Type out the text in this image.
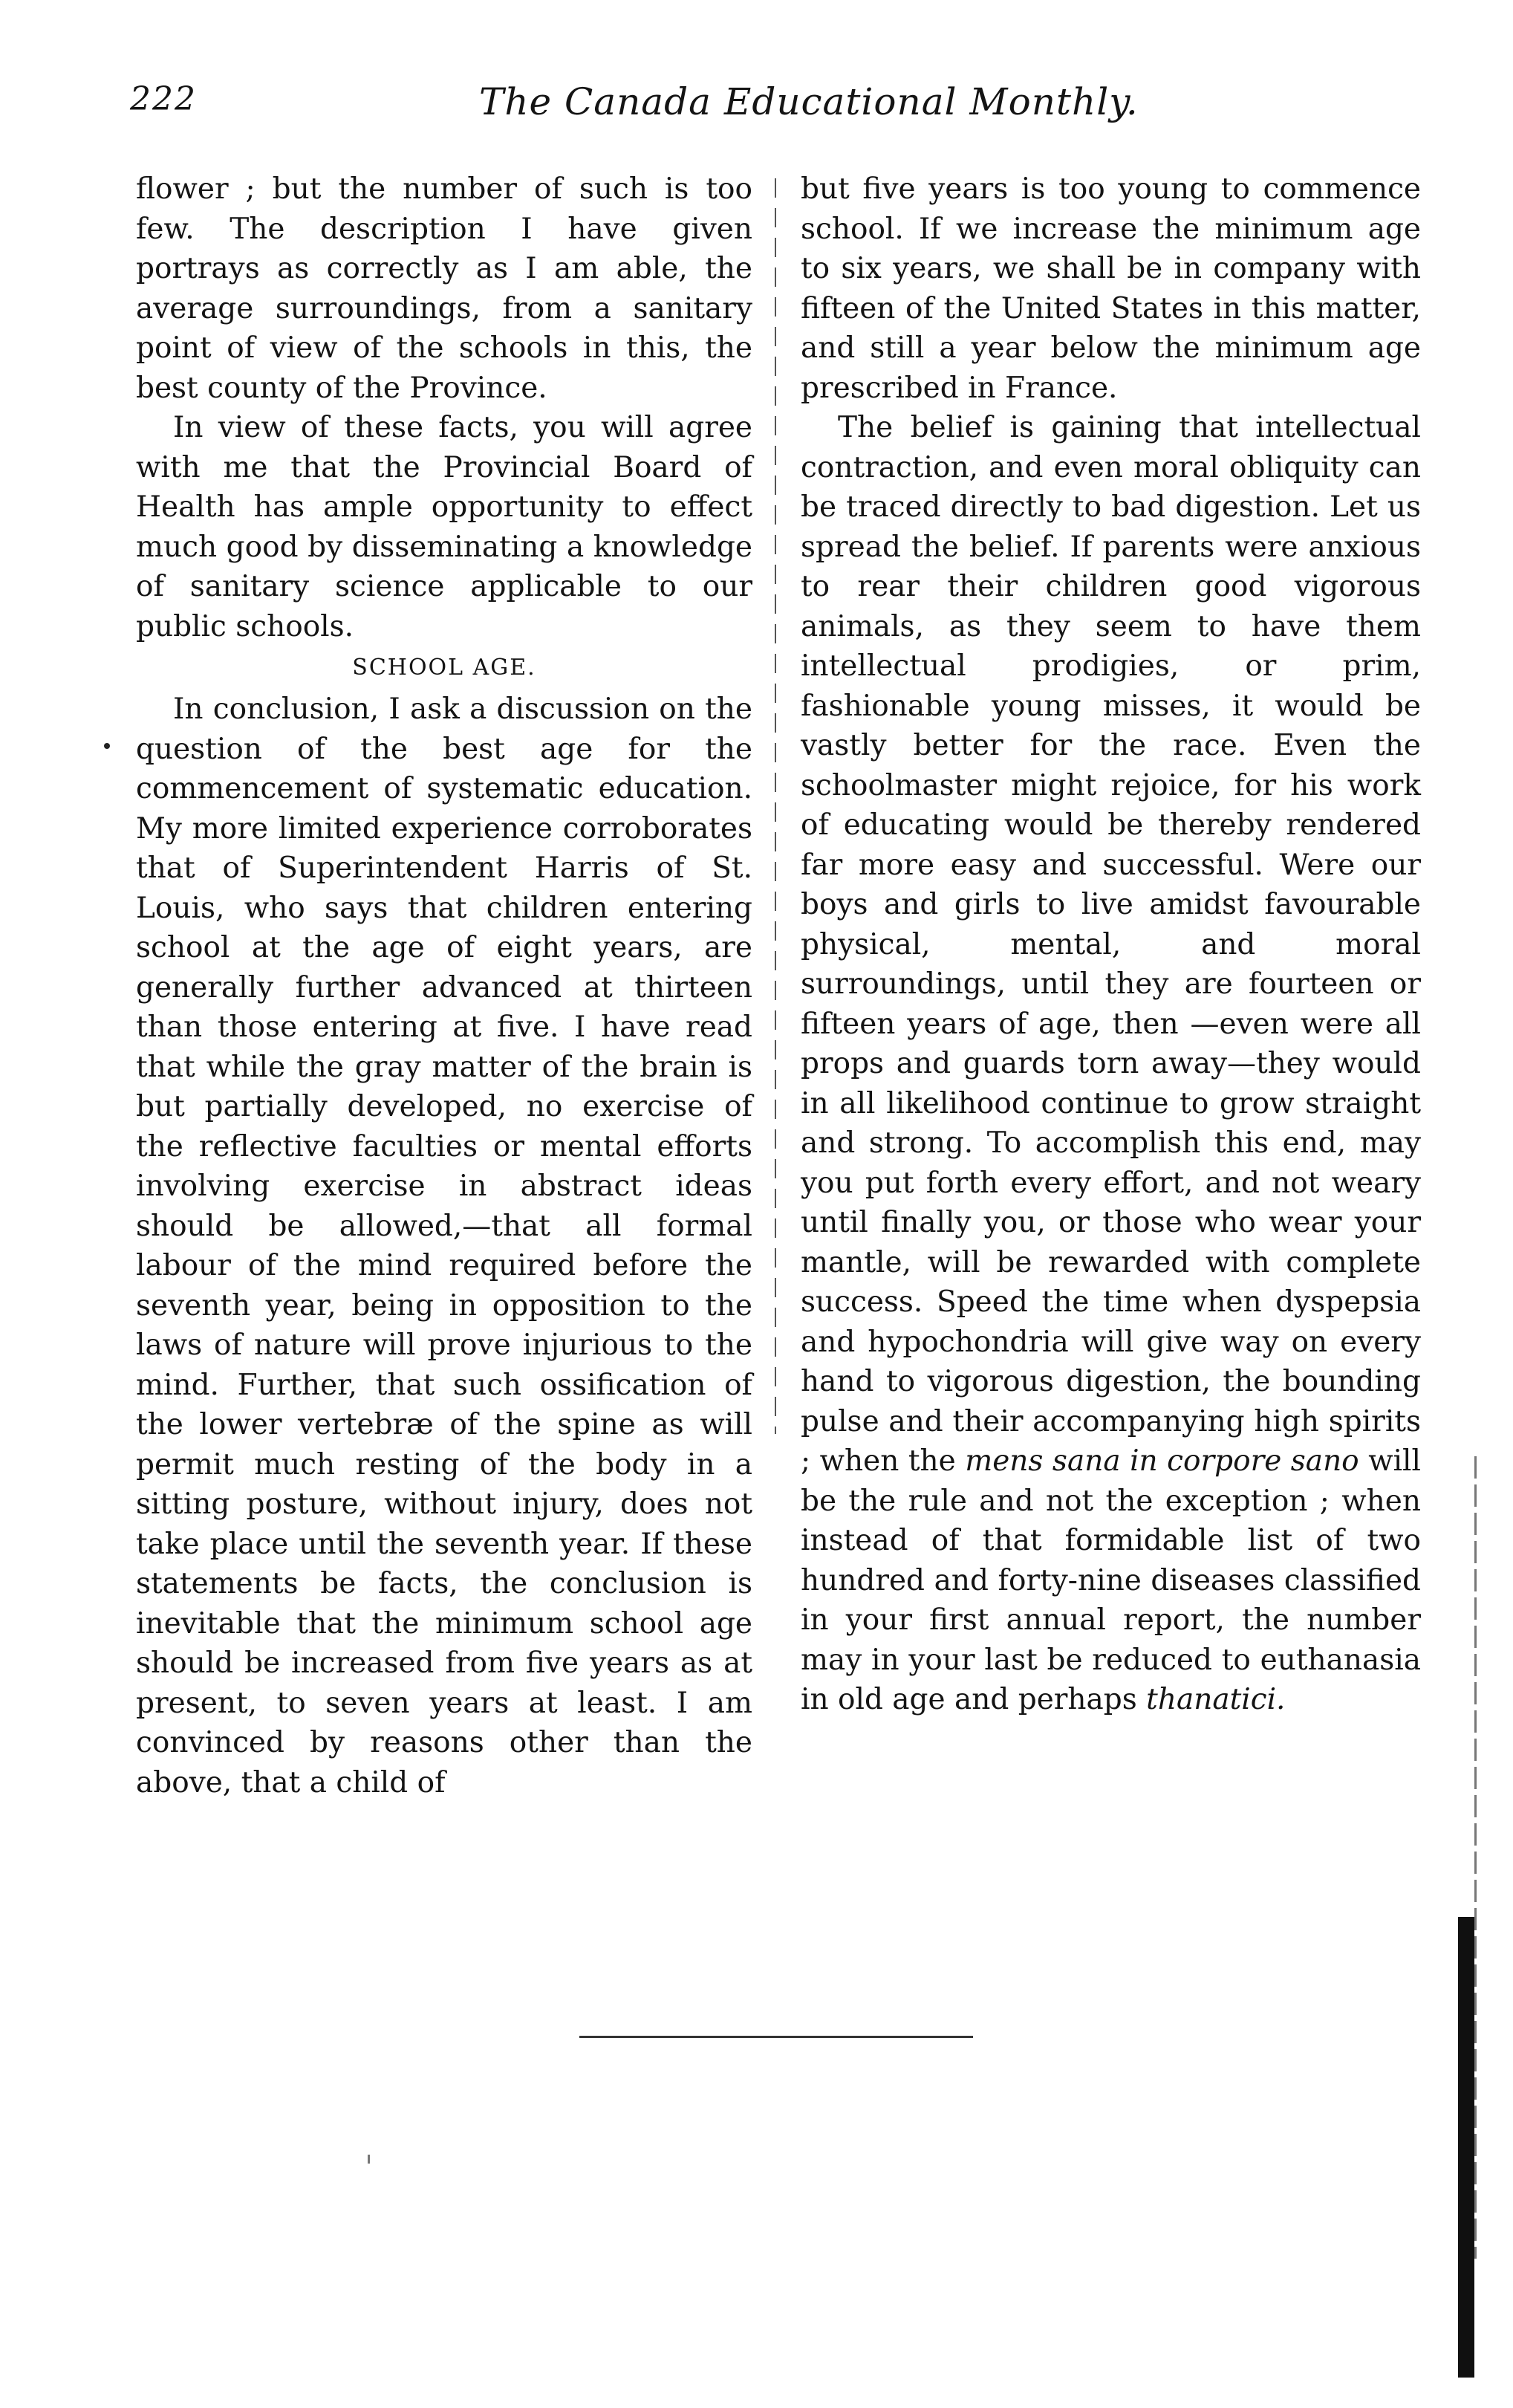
222	The Canada Educational Monthly.

flower ; but the number of such is too few. The description I have given portrays as correctly as I am able, the average surroundings, from a sanitary point of view of the schools in this, the best county of the Province.

In view of these facts, you will agree with me that the Provincial Board of Health has ample opportunity to effect much good by disseminating a knowledge of sanitary science applicable to our public schools.

SCHOOL AGE.

In conclusion, I ask a discussion on the question of the best age for the commencement of systematic education. My more limited experience corroborates that of Superintendent Harris of St. Louis, who says that children entering school at the age of eight years, are generally further advanced at thirteen than those entering at five. I have read that while the gray matter of the brain is but partially developed, no exercise of the reflective faculties or mental efforts involving exercise in abstract ideas should be allowed,—that all formal labour of the mind required before the seventh year, being in opposition to the laws of nature will prove injurious to the mind. Further, that such ossification of the lower vertebræ of the spine as will permit much resting of the body in a sitting posture, without injury, does not take place until the seventh year. If these statements be facts, the conclusion is inevitable that the minimum school age should be increased from five years as at present, to seven years at least. I am convinced by reasons other than the above, that a child of

but five years is too young to commence school. If we increase the minimum age to six years, we shall be in company with fifteen of the United States in this matter, and still a year below the minimum age prescribed in France.

The belief is gaining that intellectual contraction, and even moral obliquity can be traced directly to bad digestion. Let us spread the belief. If parents were anxious to rear their children good vigorous animals, as they seem to have them intellectual prodigies, or prim, fashionable young misses, it would be vastly better for the race. Even the schoolmaster might rejoice, for his work of educating would be thereby rendered far more easy and successful. Were our boys and girls to live amidst favourable physical, mental, and moral surroundings, until they are fourteen or fifteen years of age, then —even were all props and guards torn away—they would in all likelihood continue to grow straight and strong. To accomplish this end, may you put forth every effort, and not weary until finally you, or those who wear your mantle, will be rewarded with complete success. Speed the time when dyspepsia and hypochondria will give way on every hand to vigorous digestion, the bounding pulse and their accompanying high spirits ; when the mens sana in corpore sano will be the rule and not the exception ; when instead of that formidable list of two hundred and forty-nine diseases classified in your first annual report, the number may in your last be reduced to euthanasia in old age and perhaps thanatici.
